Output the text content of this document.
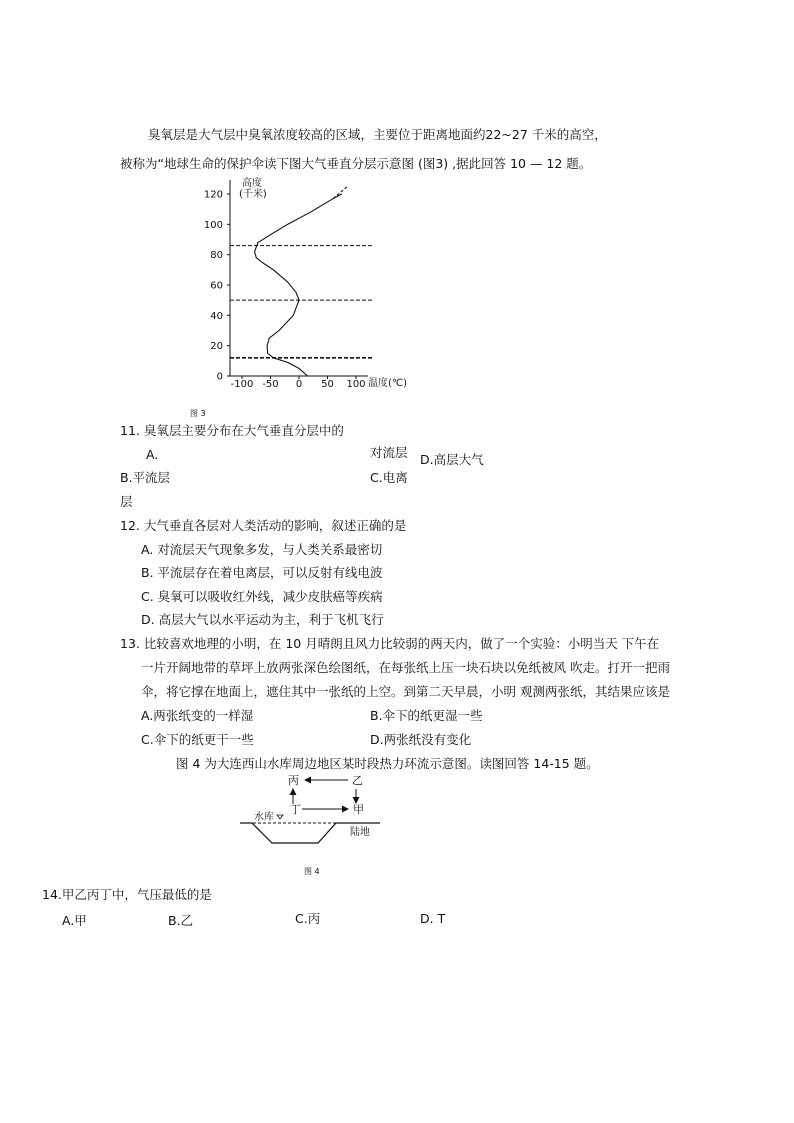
臭氧层是大气层中臭氧浓度较高的区域，主要位于距离地面约22~27 千米的高空，
被称为“地球生命的保护伞读下图大气垂直分层示意图 (图3) ,据此回答 10 — 12 题。
高度
(千米)
0
20
40
60
80
100
120
-100 -50 0 50 100 温度(℃)
图 3
11. 臭氧层主要分布在大气垂直分层中的
A.	对流层 D.高层大气
B.平流层	C.电离
层
12. 大气垂直各层对人类活动的影响，叙述正确的是
A. 对流层天气现象多发，与人类关系最密切
B. 平流层存在着电离层，可以反射有线电波
C. 臭氧可以吸收红外线，减少皮肤癌等疾病
D. 高层大气以水平运动为主，利于飞机飞行
13. 比较喜欢地理的小明，在 10 月晴朗且风力比较弱的两天内，做了一个实验：小明当天 下午在
一片开阔地带的草坪上放两张深色绘图纸，在每张纸上压一块石块以免纸被风 吹走。打开一把雨
伞，将它撑在地面上，遮住其中一张纸的上空。到第二天早晨，小明 观测两张纸，其结果应该是
A.两张纸变的一样湿	B.伞下的纸更湿一些
C.伞下的纸更干一些	D.两张纸没有变化
图 4 为大连西山水库周边地区某时段热力环流示意图。读图回答 14-15 题。
丙	乙
丁	甲
水库
陆地
图 4
14.甲乙丙丁中，气压最低的是
A.甲	B.乙	C.丙	D. T
